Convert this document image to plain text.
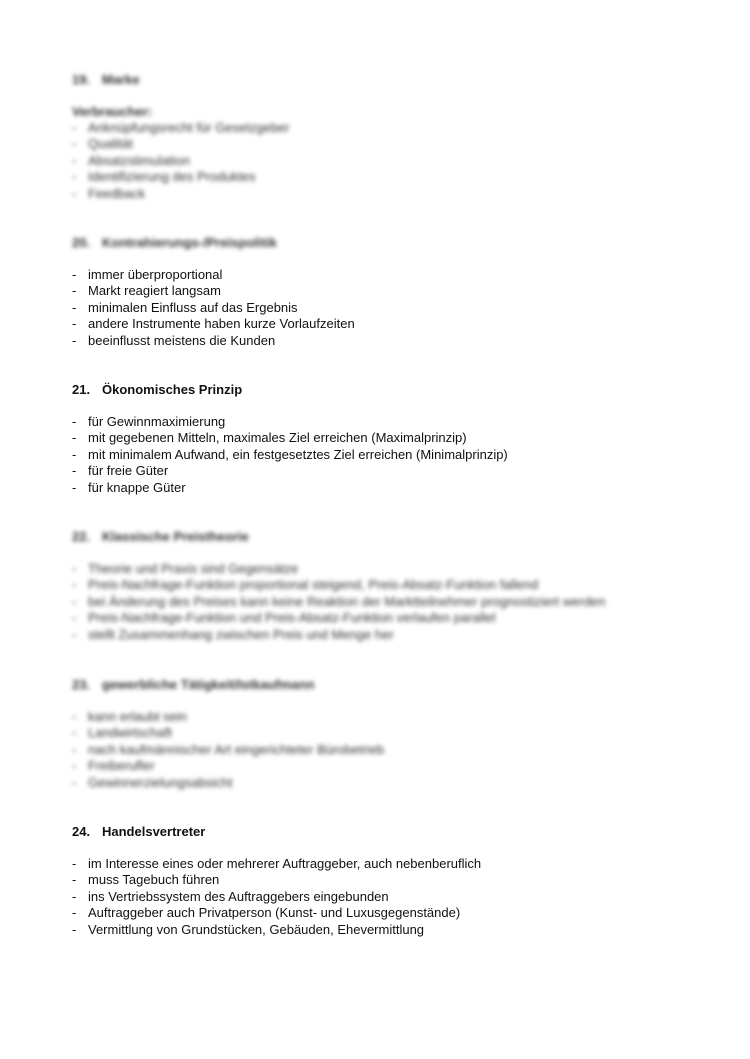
19. Marke

Verbraucher:

- Anknüpfungsrecht für Gesetzgeber
- Qualität
- Absatzstimulation
- Identifizierung des Produktes
- Feedback

20. Kontrahierungs-/Preispolitik

- immer überproportional
- Markt reagiert langsam
- minimalen Einfluss auf das Ergebnis
- andere Instrumente haben kurze Vorlaufzeiten
- beeinflusst meistens die Kunden

21. Ökonomisches Prinzip

- für Gewinnmaximierung
- mit gegebenen Mitteln, maximales Ziel erreichen (Maximalprinzip)
- mit minimalem Aufwand, ein festgesetztes Ziel erreichen (Minimalprinzip)
- für freie Güter
- für knappe Güter

22. Klassische Preistheorie

- Theorie und Praxis sind Gegensätze
- Preis-Nachfrage-Funktion proportional steigend, Preis-Absatz-Funktion fallend
- bei Änderung des Preises kann keine Reaktion der Marktteilnehmer prognostiziert werden
- Preis-Nachfrage-Funktion und Preis-Absatz-Funktion verlaufen parallel
- stellt Zusammenhang zwischen Preis und Menge her

23. gewerbliche Tätigkeit/Istkaufmann

- kann erlaubt sein
- Landwirtschaft
- nach kaufmännischer Art eingerichteter Bürobetrieb
- Freiberufler
- Gewinnerzielungsabsicht

24. Handelsvertreter

- im Interesse eines oder mehrerer Auftraggeber, auch nebenberuflich
- muss Tagebuch führen
- ins Vertriebssystem des Auftraggebers eingebunden
- Auftraggeber auch Privatperson (Kunst- und Luxusgegenstände)
- Vermittlung von Grundstücken, Gebäuden, Ehevermittlung
